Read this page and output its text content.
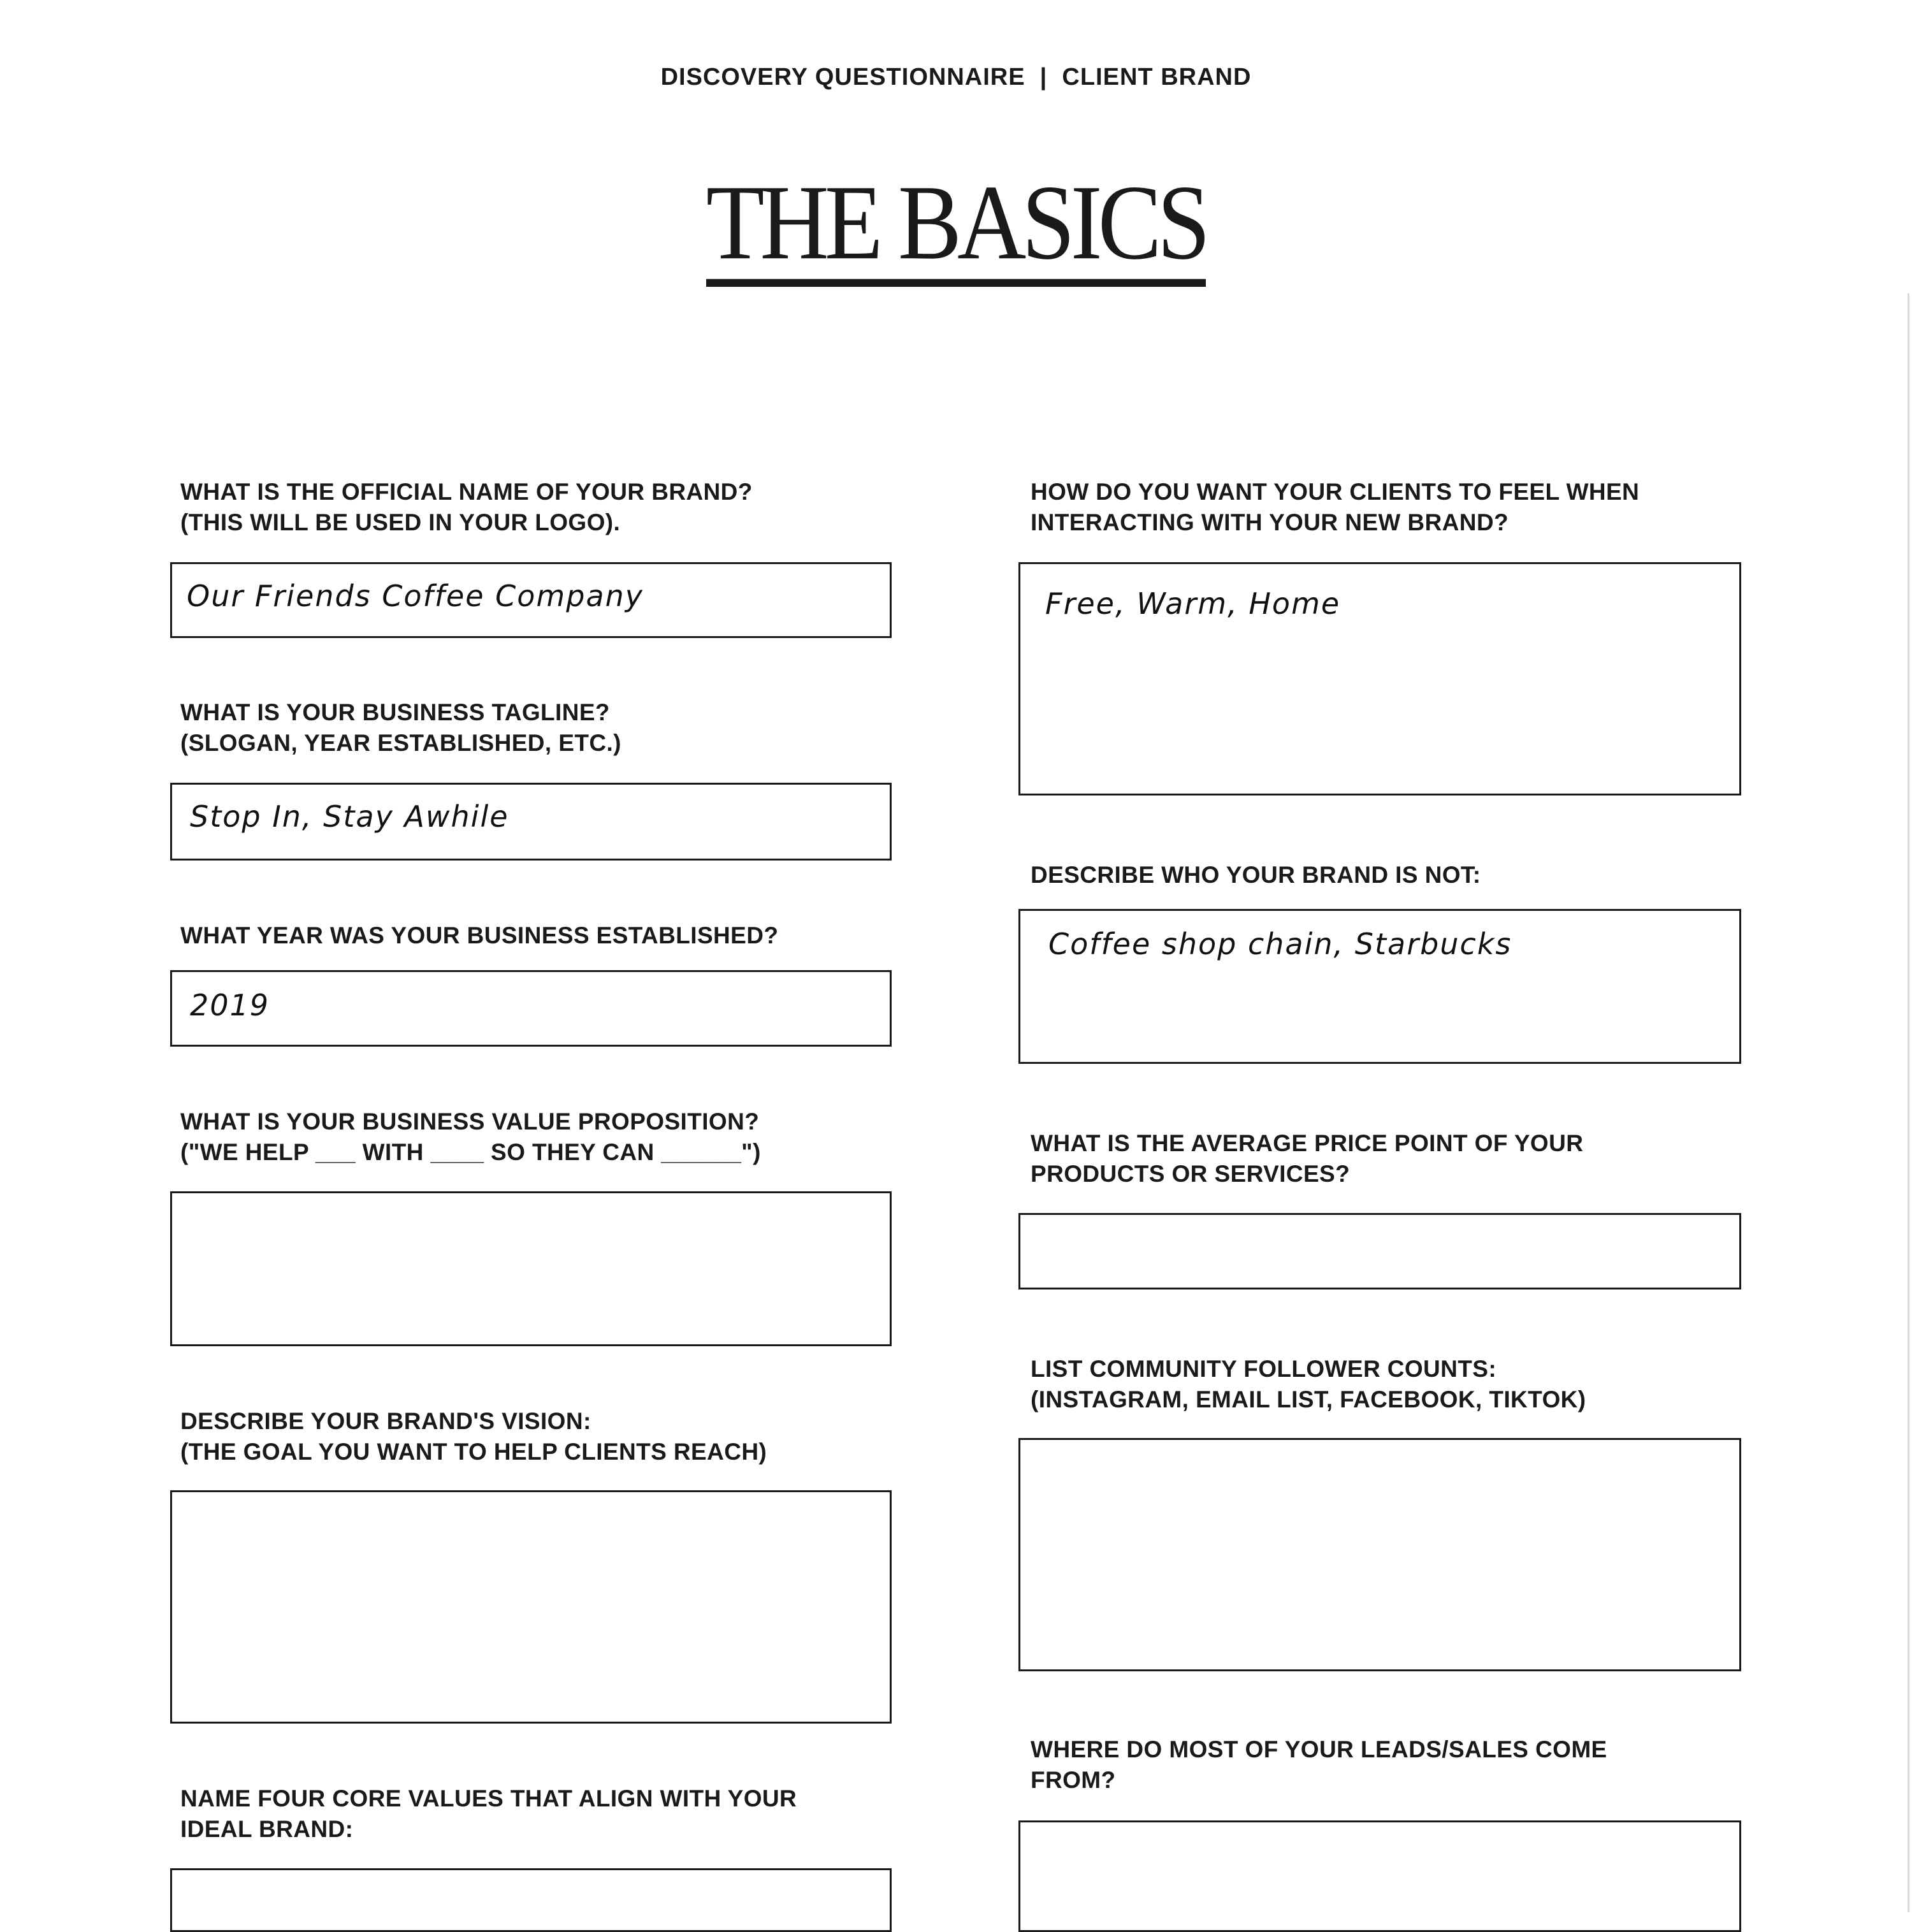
DISCOVERY QUESTIONNAIRE  |  CLIENT BRAND
THE BASICS
WHAT IS THE OFFICIAL NAME OF YOUR BRAND?
(THIS WILL BE USED IN YOUR LOGO).
Our Friends Coffee Company
WHAT IS YOUR BUSINESS TAGLINE?
(SLOGAN, YEAR ESTABLISHED, ETC.)
Stop In, Stay Awhile
WHAT YEAR WAS YOUR BUSINESS ESTABLISHED?
2019
WHAT IS YOUR BUSINESS VALUE PROPOSITION?
("WE HELP ___ WITH ____ SO THEY CAN ______")
DESCRIBE YOUR BRAND'S VISION:
(THE GOAL YOU WANT TO HELP CLIENTS REACH)
NAME FOUR CORE VALUES THAT ALIGN WITH YOUR
IDEAL BRAND:
HOW DO YOU WANT YOUR CLIENTS TO FEEL WHEN
INTERACTING WITH YOUR NEW BRAND?
Free, Warm, Home
DESCRIBE WHO YOUR BRAND IS NOT:
Coffee shop chain, Starbucks
WHAT IS THE AVERAGE PRICE POINT OF YOUR
PRODUCTS OR SERVICES?
LIST COMMUNITY FOLLOWER COUNTS:
(INSTAGRAM, EMAIL LIST, FACEBOOK, TIKTOK)
WHERE DO MOST OF YOUR LEADS/SALES COME
FROM?
